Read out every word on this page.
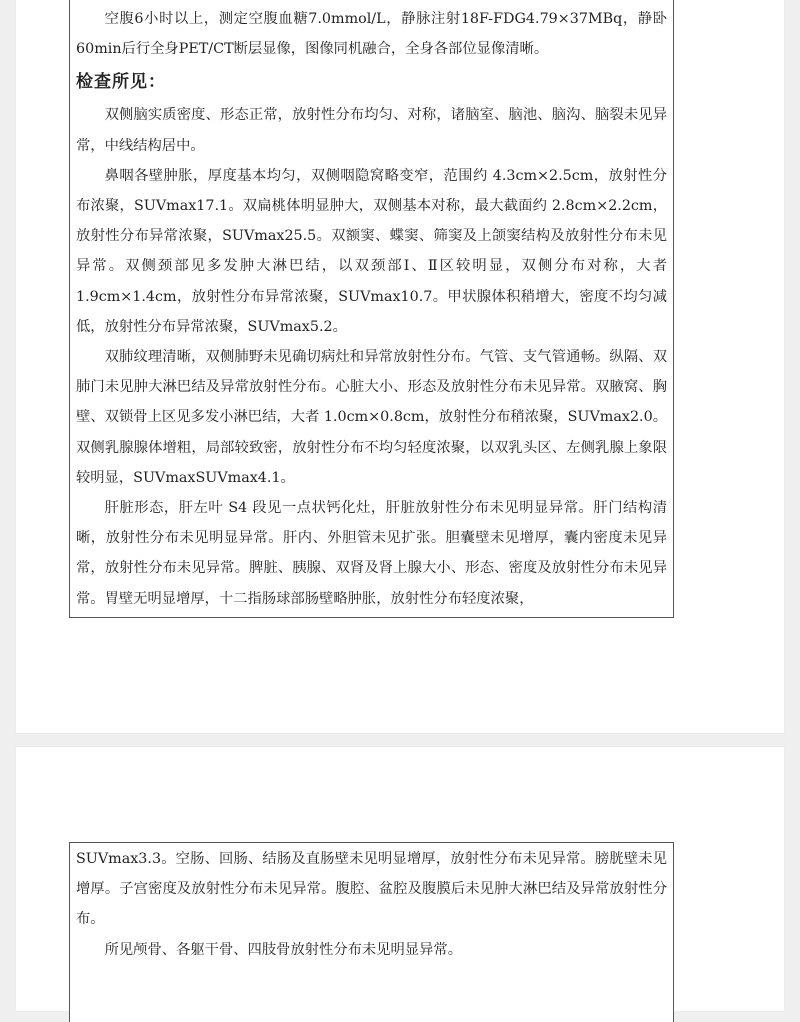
空腹6小时以上，测定空腹血糖7.0mmol/L，静脉注射18F-FDG4.79×37MBq，静卧60min后行全身PET/CT断层显像，图像同机融合，全身各部位显像清晰。

检查所见：

双侧脑实质密度、形态正常，放射性分布均匀、对称，诸脑室、脑池、脑沟、脑裂未见异常，中线结构居中。

鼻咽各壁肿胀，厚度基本均匀，双侧咽隐窝略变窄，范围约 4.3cm×2.5cm，放射性分布浓聚，SUVmax17.1。双扁桃体明显肿大，双侧基本对称，最大截面约 2.8cm×2.2cm，放射性分布异常浓聚，SUVmax25.5。双额窦、蝶窦、筛窦及上颌窦结构及放射性分布未见异常。双侧颈部见多发肿大淋巴结，以双颈部Ⅰ、Ⅱ区较明显，双侧分布对称，大者 1.9cm×1.4cm，放射性分布异常浓聚，SUVmax10.7。甲状腺体积稍增大，密度不均匀减低，放射性分布异常浓聚，SUVmax5.2。

双肺纹理清晰，双侧肺野未见确切病灶和异常放射性分布。气管、支气管通畅。纵隔、双肺门未见肿大淋巴结及异常放射性分布。心脏大小、形态及放射性分布未见异常。双腋窝、胸壁、双锁骨上区见多发小淋巴结，大者 1.0cm×0.8cm，放射性分布稍浓聚，SUVmax2.0。双侧乳腺腺体增粗，局部较致密，放射性分布不均匀轻度浓聚，以双乳头区、左侧乳腺上象限较明显，SUVmaxSUVmax4.1。

肝脏形态，肝左叶 S4 段见一点状钙化灶，肝脏放射性分布未见明显异常。肝门结构清晰，放射性分布未见明显异常。肝内、外胆管未见扩张。胆囊壁未见增厚，囊内密度未见异常，放射性分布未见异常。脾脏、胰腺、双肾及肾上腺大小、形态、密度及放射性分布未见异常。胃壁无明显增厚，十二指肠球部肠壁略肿胀，放射性分布轻度浓聚，

SUVmax3.3。空肠、回肠、结肠及直肠壁未见明显增厚，放射性分布未见异常。膀胱壁未见增厚。子宫密度及放射性分布未见异常。腹腔、盆腔及腹膜后未见肿大淋巴结及异常放射性分布。

所见颅骨、各躯干骨、四肢骨放射性分布未见明显异常。
